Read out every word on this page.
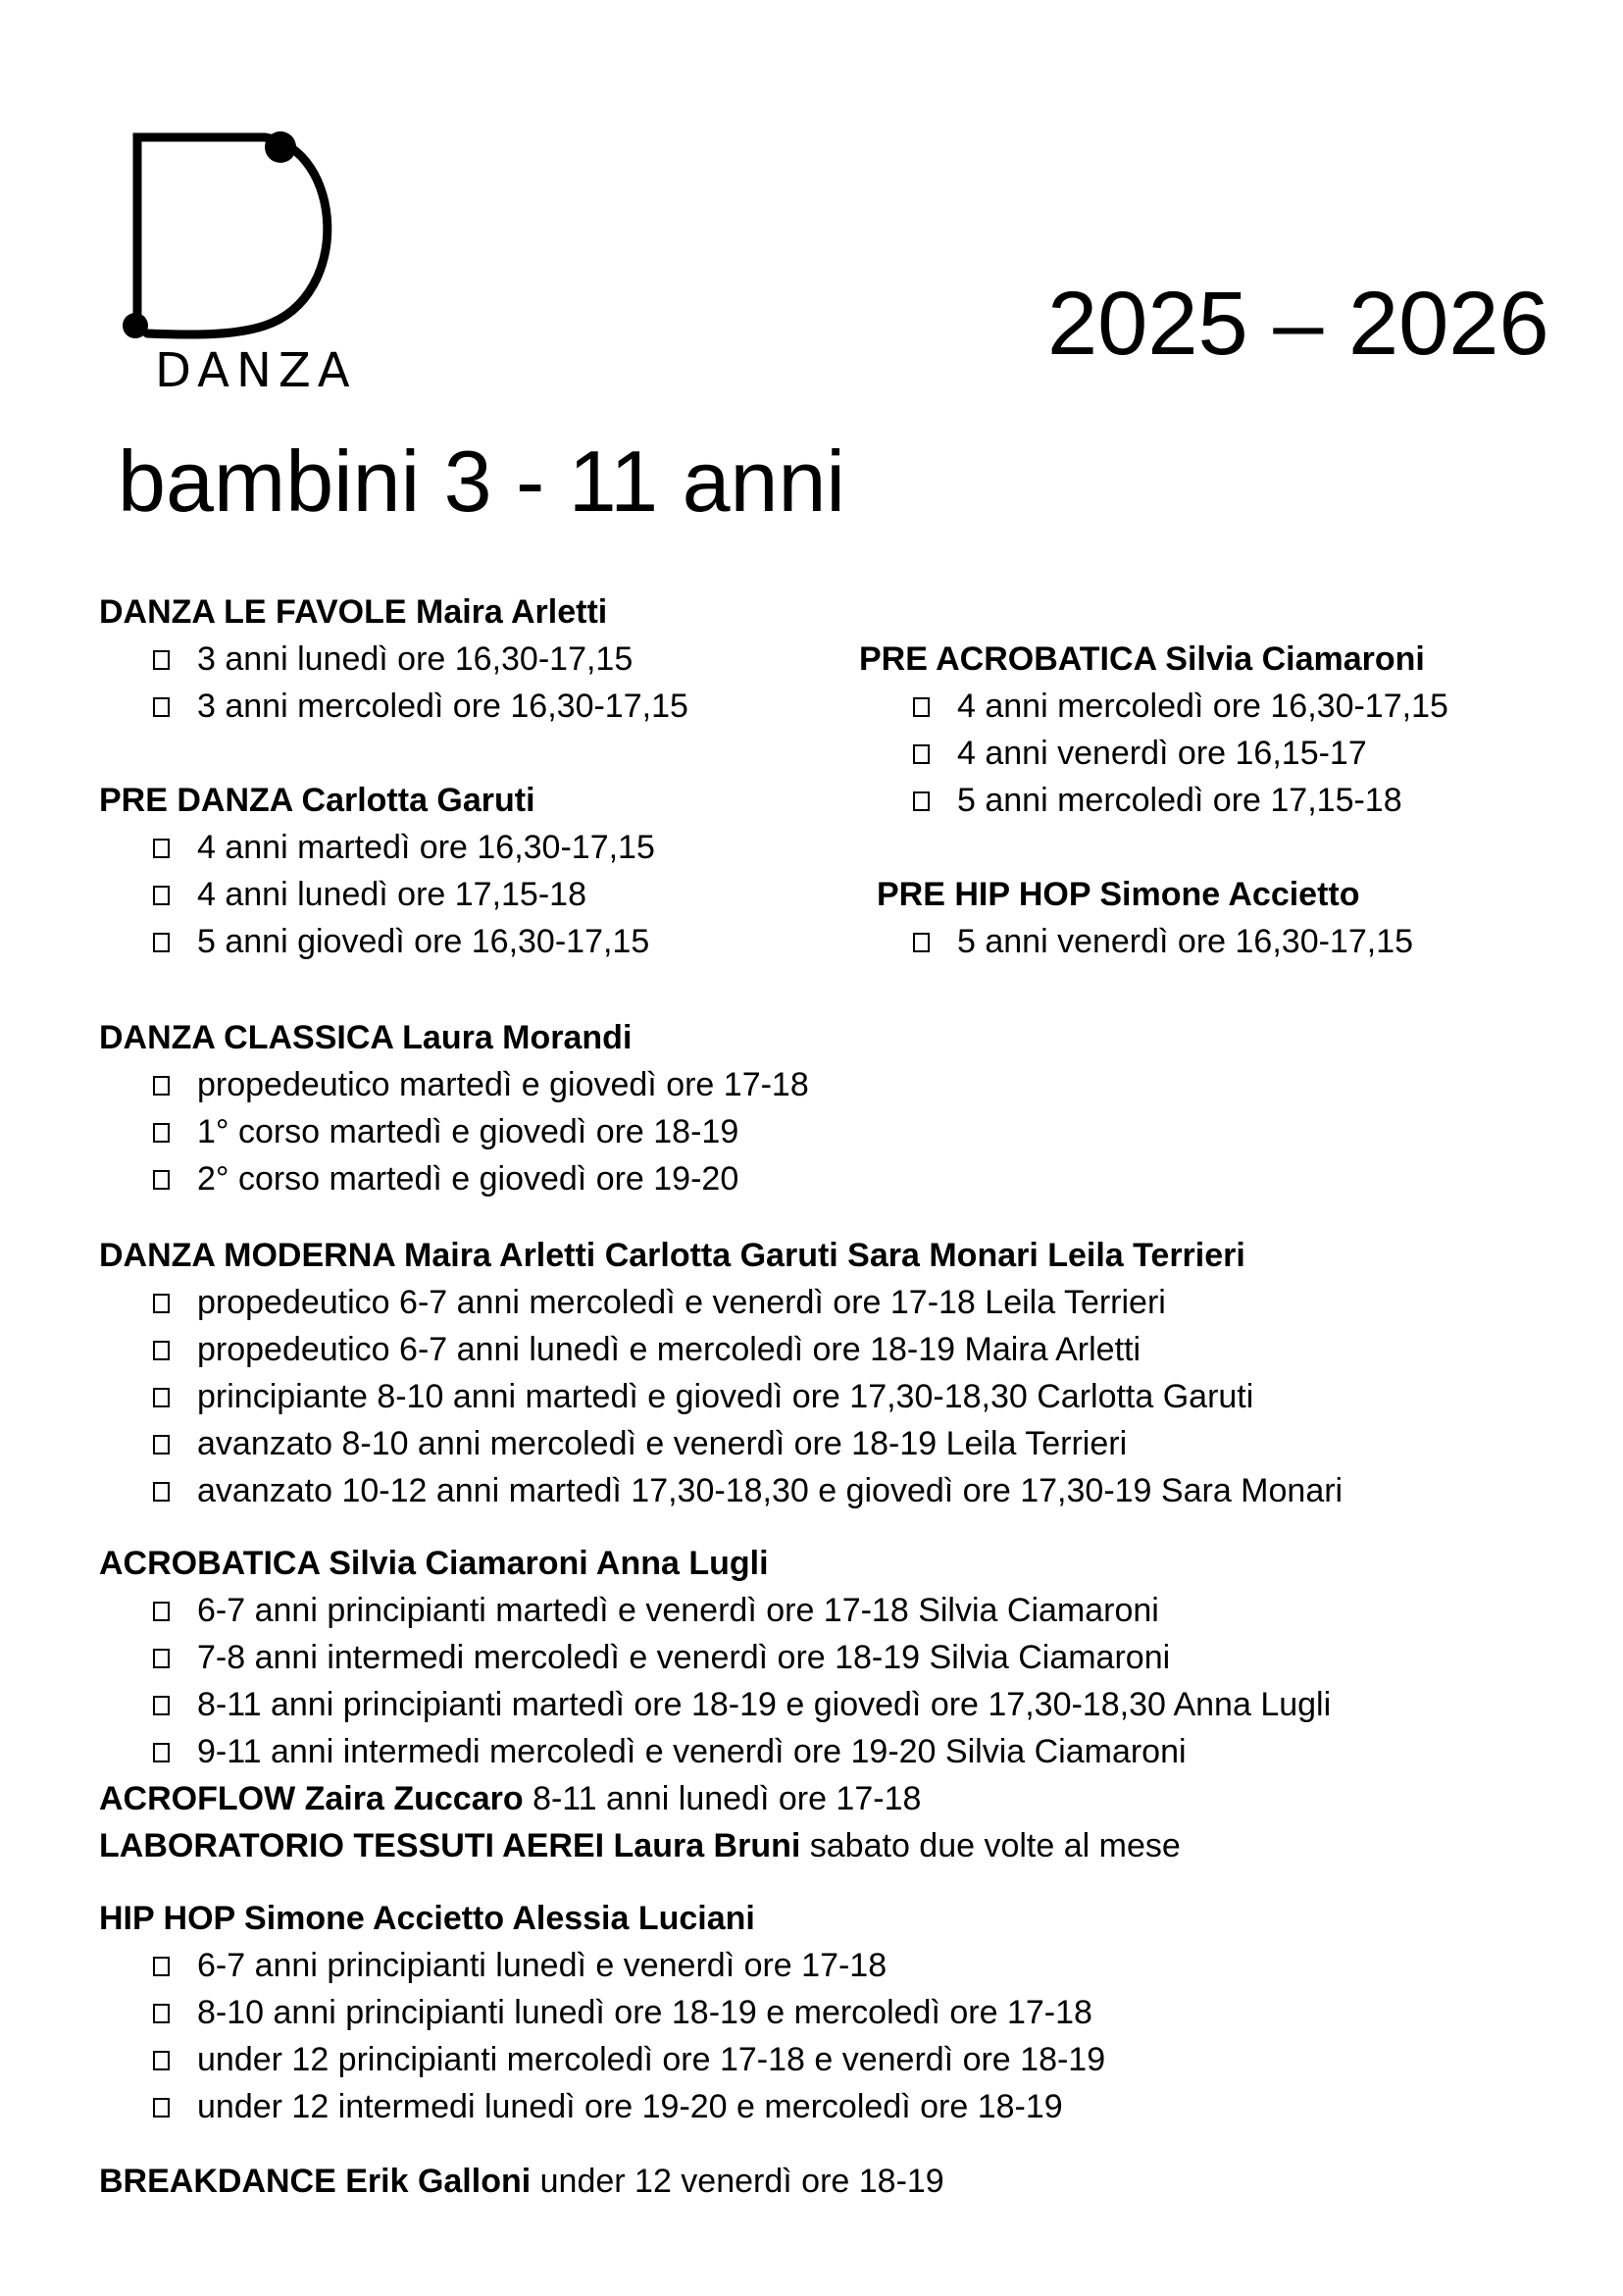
DANZA	2025 – 2026
bambini 3 - 11 anni
DANZA LE FAVOLE Maira Arletti
3 anni lunedì ore 16,30-17,15
3 anni mercoledì ore 16,30-17,15
PRE DANZA Carlotta Garuti
4 anni martedì ore 16,30-17,15
4 anni lunedì ore 17,15-18
5 anni giovedì ore 16,30-17,15
PRE ACROBATICA Silvia Ciamaroni
4 anni mercoledì ore 16,30-17,15
4 anni venerdì ore 16,15-17
5 anni mercoledì ore 17,15-18
PRE HIP HOP Simone Accietto
5 anni venerdì ore 16,30-17,15
DANZA CLASSICA Laura Morandi
propedeutico martedì e giovedì ore 17-18
1° corso martedì e giovedì ore 18-19
2° corso martedì e giovedì ore 19-20
DANZA MODERNA Maira Arletti Carlotta Garuti Sara Monari Leila Terrieri
propedeutico 6-7 anni mercoledì e venerdì ore 17-18 Leila Terrieri
propedeutico 6-7 anni lunedì e mercoledì ore 18-19 Maira Arletti
principiante 8-10 anni martedì e giovedì ore 17,30-18,30 Carlotta Garuti
avanzato 8-10 anni mercoledì e venerdì ore 18-19 Leila Terrieri
avanzato 10-12 anni martedì 17,30-18,30 e giovedì ore 17,30-19 Sara Monari
ACROBATICA Silvia Ciamaroni Anna Lugli
6-7 anni principianti martedì e venerdì ore 17-18 Silvia Ciamaroni
7-8 anni intermedi mercoledì e venerdì ore 18-19 Silvia Ciamaroni
8-11 anni principianti martedì ore 18-19 e giovedì ore 17,30-18,30 Anna Lugli
9-11 anni intermedi mercoledì e venerdì ore 19-20 Silvia Ciamaroni
ACROFLOW Zaira Zuccaro 8-11 anni lunedì ore 17-18
LABORATORIO TESSUTI AEREI Laura Bruni sabato due volte al mese
HIP HOP Simone Accietto Alessia Luciani
6-7 anni principianti lunedì e venerdì ore 17-18
8-10 anni principianti lunedì ore 18-19 e mercoledì ore 17-18
under 12 principianti mercoledì ore 17-18 e venerdì ore 18-19
under 12 intermedi lunedì ore 19-20 e mercoledì ore 18-19
BREAKDANCE Erik Galloni under 12 venerdì ore 18-19
